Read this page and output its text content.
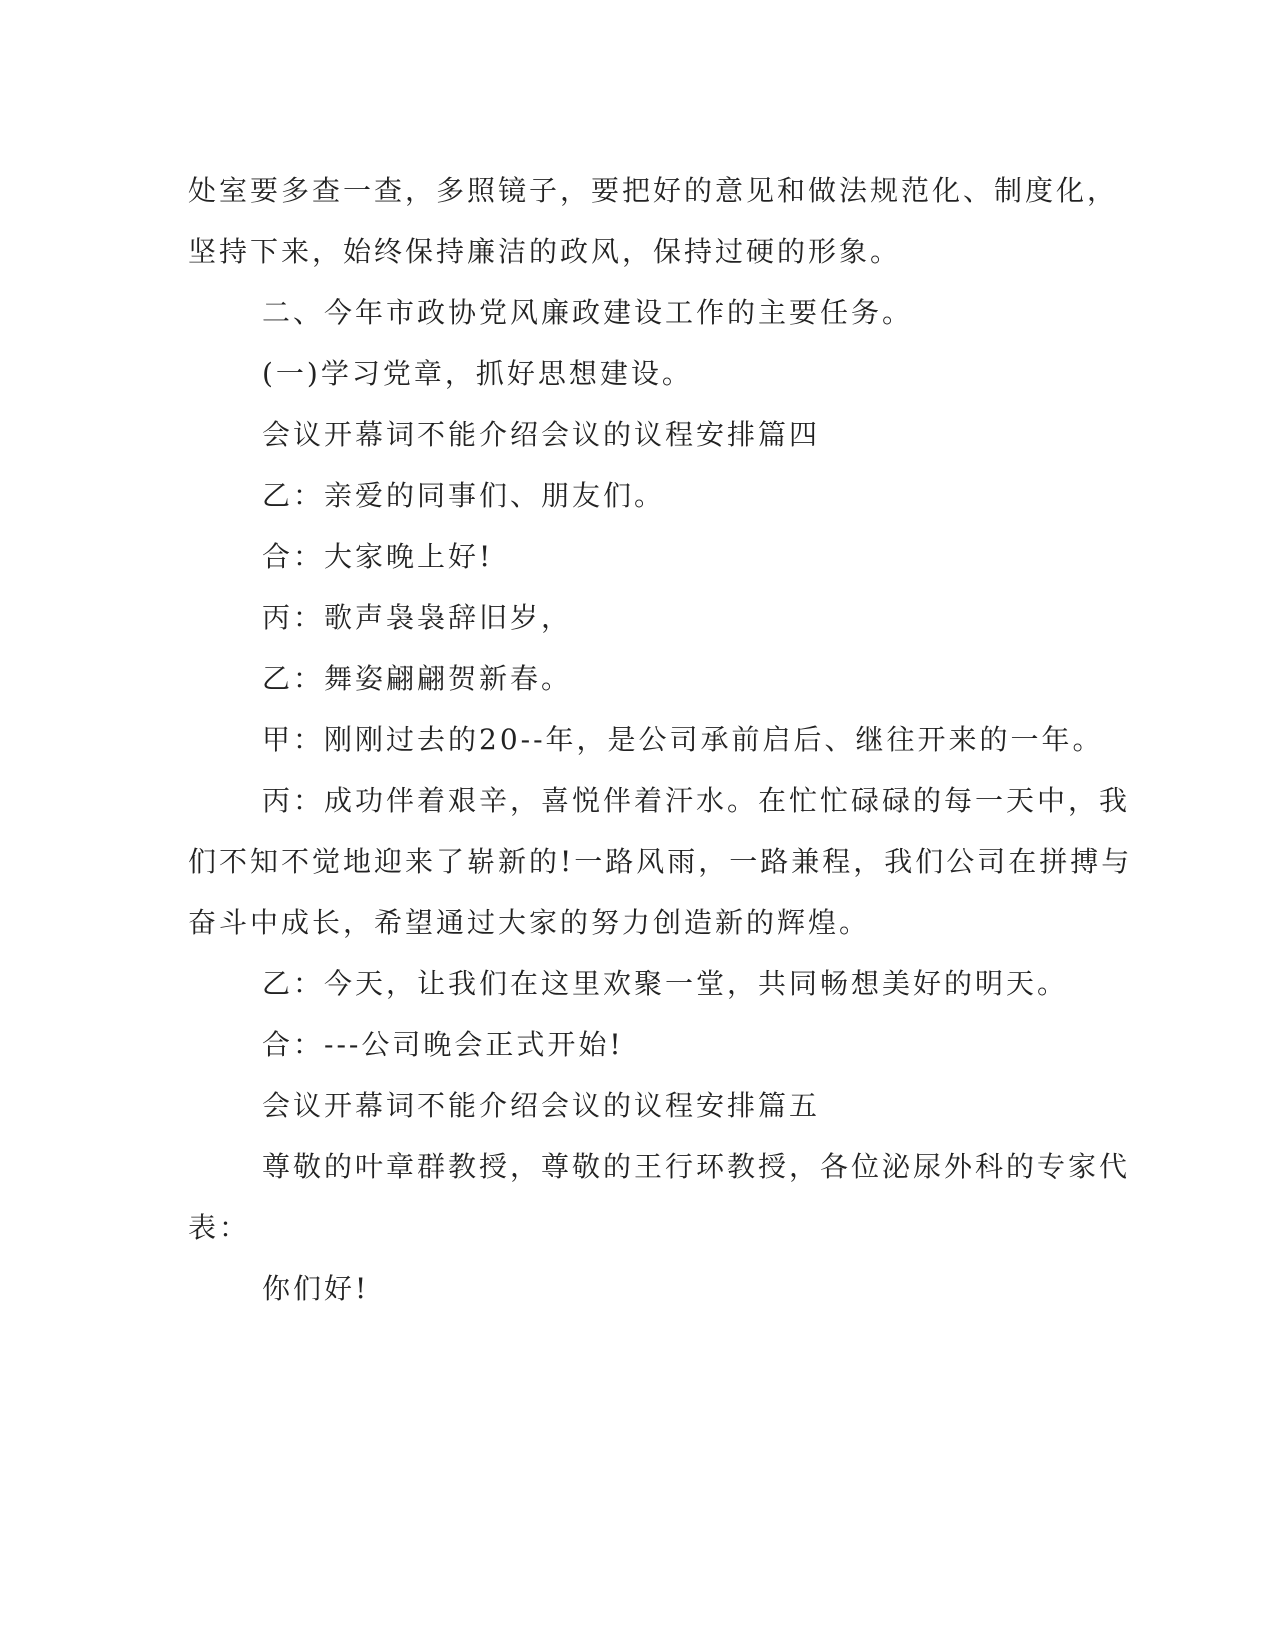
处室要多查一查，多照镜子，要把好的意见和做法规范化、制度化，
坚持下来，始终保持廉洁的政风，保持过硬的形象。

二、今年市政协党风廉政建设工作的主要任务。

(一)学习党章，抓好思想建设。

会议开幕词不能介绍会议的议程安排篇四

乙：亲爱的同事们、朋友们。

合：大家晚上好!

丙：歌声袅袅辞旧岁，

乙：舞姿翩翩贺新春。

甲：刚刚过去的20--年，是公司承前启后、继往开来的一年。

丙：成功伴着艰辛，喜悦伴着汗水。在忙忙碌碌的每一天中，我
们不知不觉地迎来了崭新的!一路风雨，一路兼程，我们公司在拼搏与
奋斗中成长，希望通过大家的努力创造新的辉煌。

乙：今天，让我们在这里欢聚一堂，共同畅想美好的明天。

合：---公司晚会正式开始!

会议开幕词不能介绍会议的议程安排篇五

尊敬的叶章群教授，尊敬的王行环教授，各位泌尿外科的专家代
表：

你们好!
